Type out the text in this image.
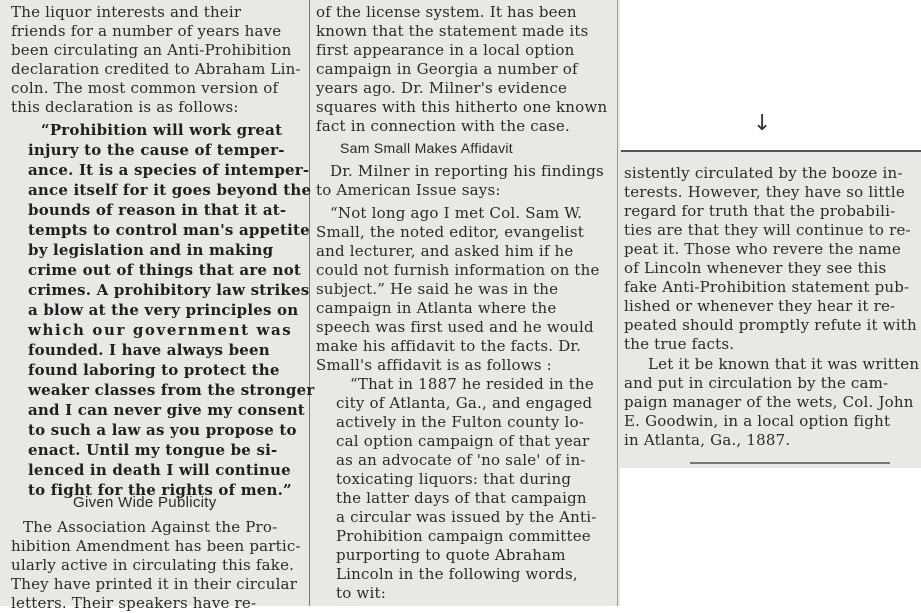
The liquor interests and their
friends for a number of years have
been circulating an Anti-Prohibition
declaration credited to Abraham Lin-
coln. The most common version of
this declaration is as follows:
“Prohibition will work great
injury to the cause of temper-
ance. It is a species of intemper-
ance itself for it goes beyond the
bounds of reason in that it at-
tempts to control man's appetite
by legislation and in making
crime out of things that are not
crimes. A prohibitory law strikes
a blow at the very principles on
which our government was
founded. I have always been
found laboring to protect the
weaker classes from the stronger
and I can never give my consent
to such a law as you propose to
enact. Until my tongue be si-
lenced in death I will continue
to fight for the rights of men.”
Given Wide Publicity
The Association Against the Pro-
hibition Amendment has been partic-
ularly active in circulating this fake.
They have printed it in their circular
letters. Their speakers have re-
of the license system. It has been
known that the statement made its
first appearance in a local option
campaign in Georgia a number of
years ago. Dr. Milner's evidence
squares with this hitherto one known
fact in connection with the case.
Sam Small Makes Affidavit
Dr. Milner in reporting his findings
to American Issue says:
“Not long ago I met Col. Sam W.
Small, the noted editor, evangelist
and lecturer, and asked him if he
could not furnish information on the
subject.” He said he was in the
campaign in Atlanta where the
speech was first used and he would
make his affidavit to the facts. Dr.
Small's affidavit is as follows :
“That in 1887 he resided in the
city of Atlanta, Ga., and engaged
actively in the Fulton county lo-
cal option campaign of that year
as an advocate of 'no sale' of in-
toxicating liquors: that during
the latter days of that campaign
a circular was issued by the Anti-
Prohibition campaign committee
purporting to quote Abraham
Lincoln in the following words,
to wit:
↓
sistently circulated by the booze in-
terests. However, they have so little
regard for truth that the probabili-
ties are that they will continue to re-
peat it. Those who revere the name
of Lincoln whenever they see this
fake Anti-Prohibition statement pub-
lished or whenever they hear it re-
peated should promptly refute it with
the true facts.
Let it be known that it was written
and put in circulation by the cam-
paign manager of the wets, Col. John
E. Goodwin, in a local option fight
in Atlanta, Ga., 1887.
